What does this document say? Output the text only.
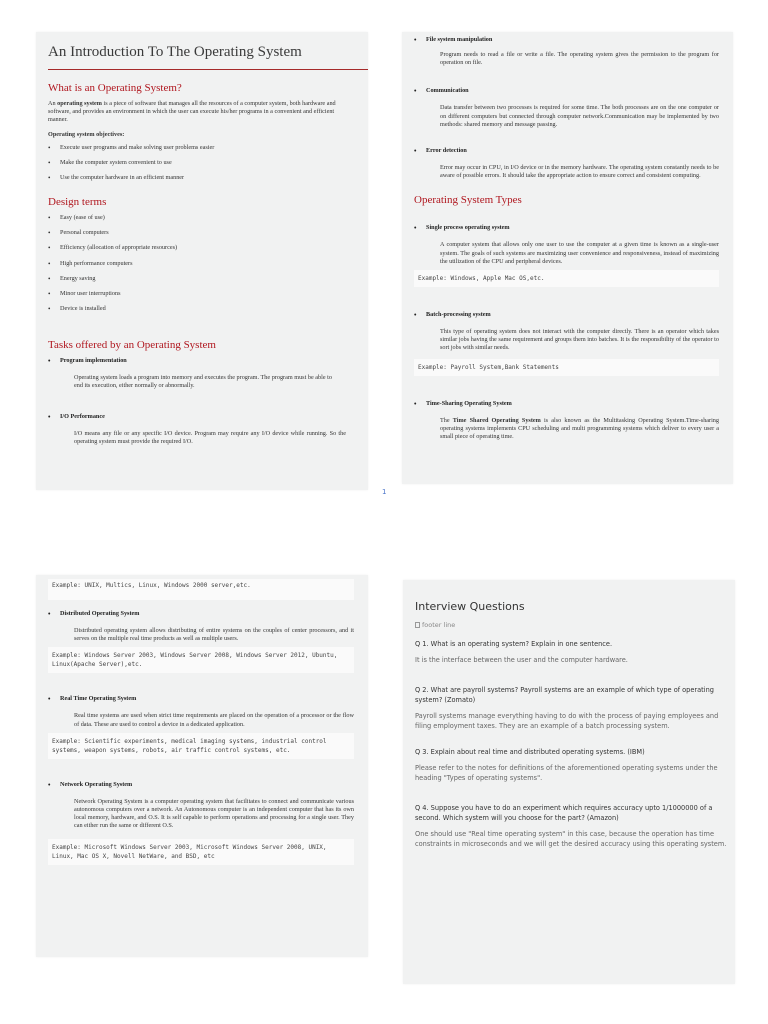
An Introduction To The Operating System
What is an Operating System?

An operating system is a piece of software that manages all the resources of a computer system, both hardware and software, and provides an environment in which the user can execute his/her programs in a convenient and efficient manner.

Operating system objectives:
• Execute user programs and make solving user problems easier
• Make the computer system convenient to use
• Use the computer hardware in an efficient manner
Design terms
• Easy (ease of use)
• Personal computers
• Efficiency (allocation of appropriate resources)
• High performance computers
• Energy saving
• Minor user interruptions
• Device is installed
Tasks offered by an Operating System
• Program implementation

Operating system loads a program into memory and executes the program. The program must be able to end its execution, either normally or abnormally.

• I/O Performance

I/O means any file or any specific I/O device. Program may require any I/O device while running. So the operating system must provide the required I/O.

• File system manipulation

Program needs to read a file or write a file. The operating system gives the permission to the program for operation on file.

• Communication

Data transfer between two processes is required for some time. The both processes are on the one computer or on different computers but connected through computer network.Communication may be implemented by two methods: shared memory and message passing.

• Error detection

Error may occur in CPU, in I/O device or in the memory hardware. The operating system constantly needs to be aware of possible errors. It should take the appropriate action to ensure correct and consistent computing.

Operating System Types
• Single process operating system

A computer system that allows only one user to use the computer at a given time is known as a single-user system. The goals of such systems are maximizing user convenience and responsiveness, instead of maximizing the utilization of the CPU and peripheral devices.

Example: Windows, Apple Mac OS,etc.
• Batch-processing system

This type of operating system does not interact with the computer directly. There is an operator which takes similar jobs having the same requirement and groups them into batches. It is the responsibility of the operator to sort jobs with similar needs.

Example: Payroll System,Bank Statements
• Time-Sharing Operating System

The Time Shared Operating System is also known as the Multitasking Operating System.Time-sharing operating systems implements CPU scheduling and multi programming systems which deliver to every user a small piece of operating time.

1
Example: UNIX, Multics, Linux, Windows 2000 server,etc.
• Distributed Operating System

Distributed operating system allows distributing of entire systems on the couples of center processors, and it serves on the multiple real time products as well as multiple users.

Example: Windows Server 2003, Windows Server 2008, Windows Server 2012, Ubuntu, Linux(Apache Server),etc.
• Real Time Operating System

Real time systems are used when strict time requirements are placed on the operation of a processor or the flow of data. These are used to control a device in a dedicated application.

Example: Scientific experiments, medical imaging systems, industrial control systems, weapon systems, robots, air traffic control systems, etc.
• Network Operating System

Network Operating System is a computer operating system that facilitates to connect and communicate various autonomous computers over a network. An Autonomous computer is an independent computer that has its own local memory, hardware, and O.S. It is self capable to perform operations and processing for a single user. They can either run the same or different O.S.

Example: Microsoft Windows Server 2003, Microsoft Windows Server 2008, UNIX, Linux, Mac OS X, Novell NetWare, and BSD, etc
Interview Questions
footer line
Q 1. What is an operating system? Explain in one sentence.
It is the interface between the user and the computer hardware.
Q 2. What are payroll systems? Payroll systems are an example of which type of operating system? (Zomato)
Payroll systems manage everything having to do with the process of paying employees and filing employment taxes. They are an example of a batch processing system.
Q 3. Explain about real time and distributed operating systems. (IBM)
Please refer to the notes for definitions of the aforementioned operating systems under the heading "Types of operating systems".
Q 4. Suppose you have to do an experiment which requires accuracy upto 1/1000000 of a second. Which system will you choose for the part? (Amazon)
One should use "Real time operating system" in this case, because the operation has time constraints in microseconds and we will get the desired accuracy using this operating system.
